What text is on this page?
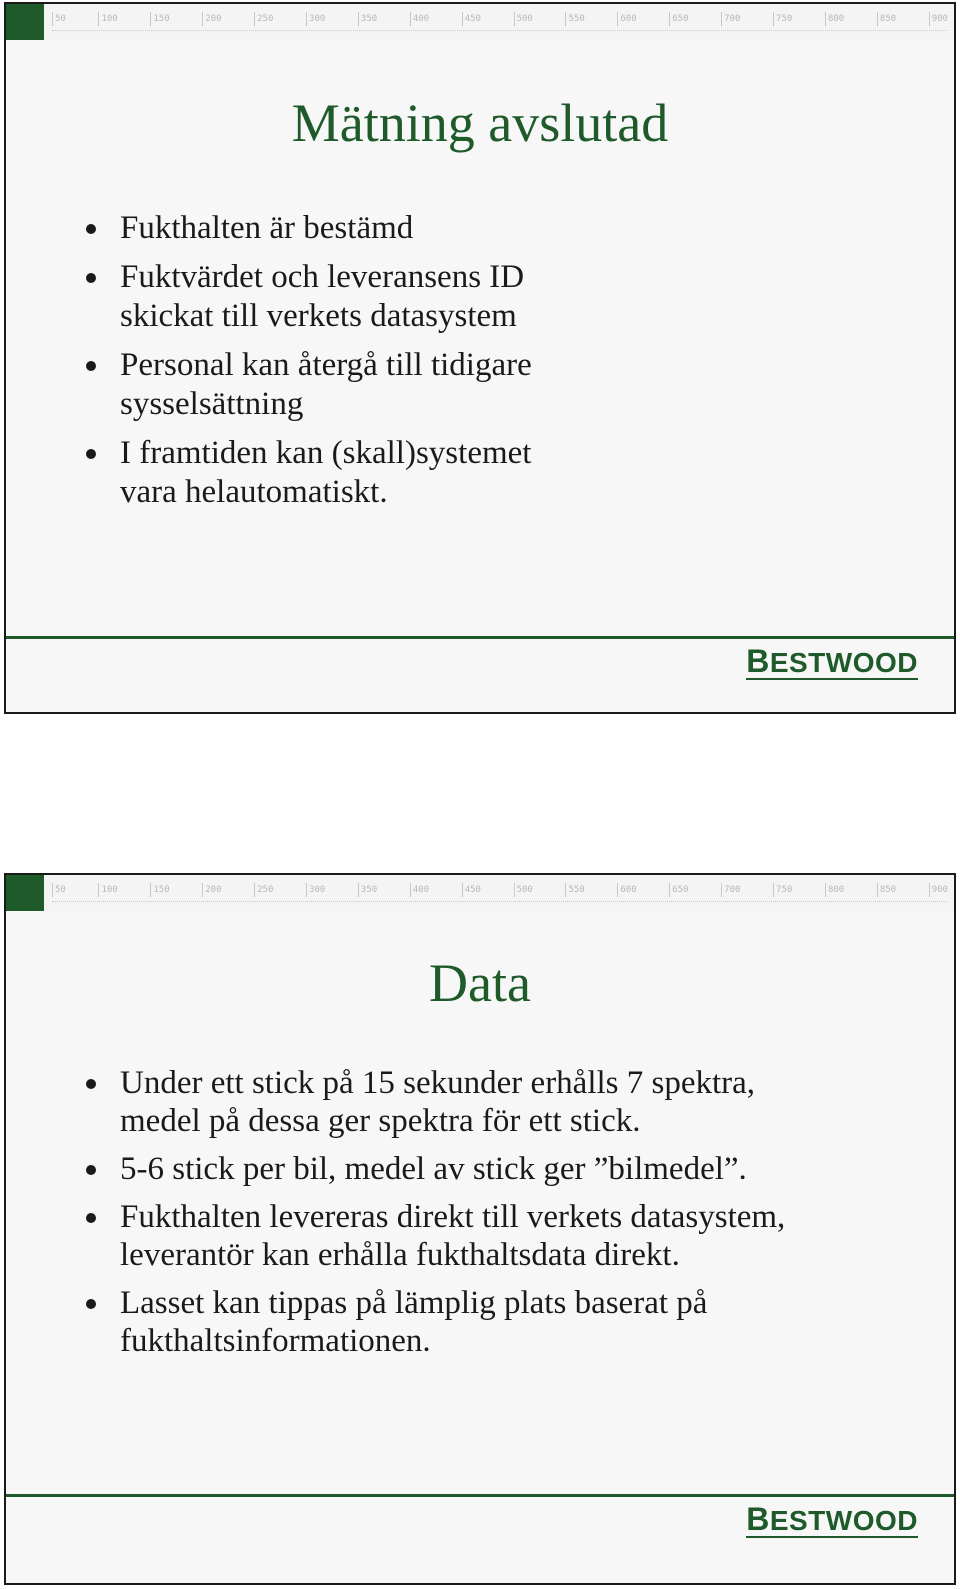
50	100	150	200	250	300	350	400	450	500	550	600	650	700	750	800	850	900
Mätning avslutad
Fukthalten är bestämd
Fuktvärdet och leveransens ID skickat till verkets datasystem
Personal kan återgå till tidigare sysselsättning
I framtiden kan (skall)systemet vara helautomatiskt.
BESTWOOD
50	100	150	200	250	300	350	400	450	500	550	600	650	700	750	800	850	900
Data
Under ett stick på 15 sekunder erhålls 7 spektra, medel på dessa ger spektra för ett stick.
5-6 stick per bil, medel av stick ger ”bilmedel”.
Fukthalten levereras direkt till verkets datasystem, leverantör kan erhålla fukthaltsdata direkt.
Lasset kan tippas på lämplig plats baserat på fukthaltsinformationen.
BESTWOOD
